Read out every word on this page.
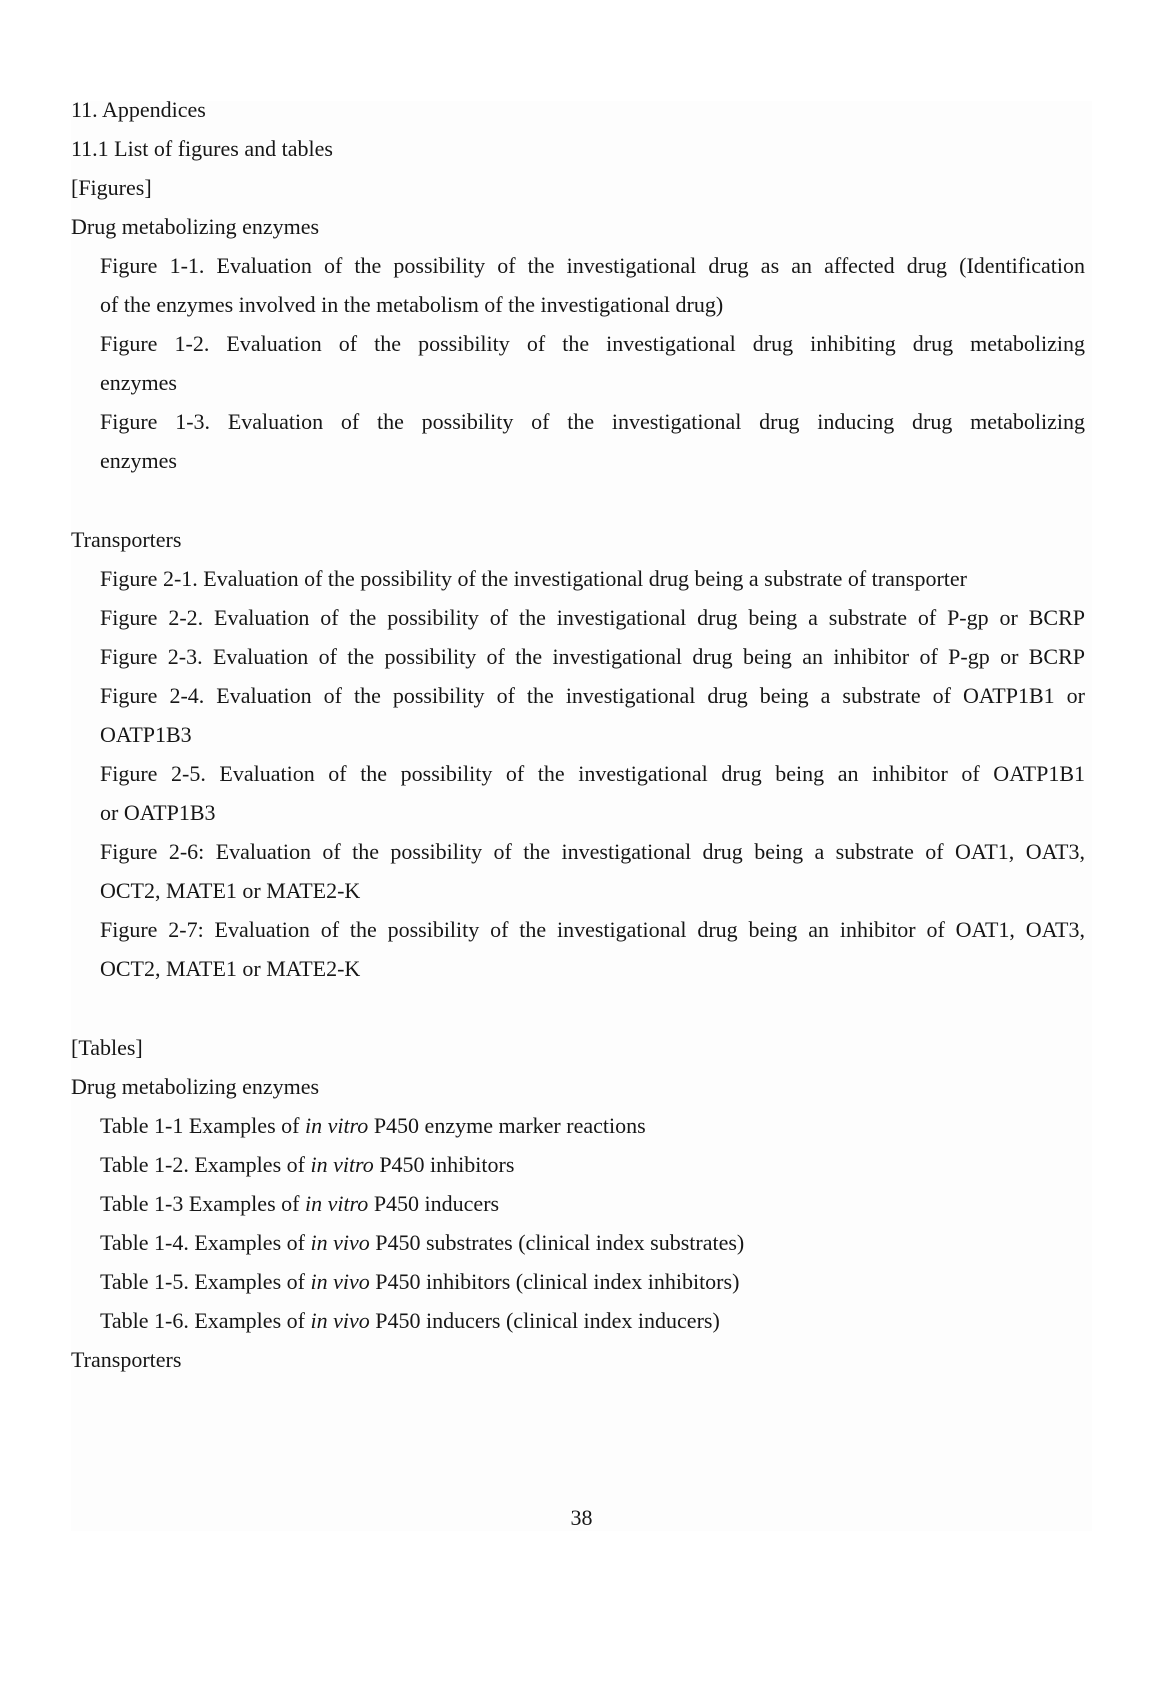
11. Appendices
11.1 List of figures and tables
[Figures]
Drug metabolizing enzymes
Figure 1-1. Evaluation of the possibility of the investigational drug as an affected drug (Identification
of the enzymes involved in the metabolism of the investigational drug)
Figure 1-2. Evaluation of the possibility of the investigational drug inhibiting drug metabolizing
enzymes
Figure 1-3. Evaluation of the possibility of the investigational drug inducing drug metabolizing
enzymes
Transporters
Figure 2-1. Evaluation of the possibility of the investigational drug being a substrate of transporter
Figure 2-2. Evaluation of the possibility of the investigational drug being a substrate of P-gp or BCRP
Figure 2-3. Evaluation of the possibility of the investigational drug being an inhibitor of P-gp or BCRP
Figure 2-4. Evaluation of the possibility of the investigational drug being a substrate of OATP1B1 or
OATP1B3
Figure 2-5. Evaluation of the possibility of the investigational drug being an inhibitor of OATP1B1
or OATP1B3
Figure 2-6: Evaluation of the possibility of the investigational drug being a substrate of OAT1, OAT3,
OCT2, MATE1 or MATE2-K
Figure 2-7: Evaluation of the possibility of the investigational drug being an inhibitor of OAT1, OAT3,
OCT2, MATE1 or MATE2-K
[Tables]
Drug metabolizing enzymes
Table 1-1 Examples of in vitro P450 enzyme marker reactions
Table 1-2. Examples of in vitro P450 inhibitors
Table 1-3 Examples of in vitro P450 inducers
Table 1-4. Examples of in vivo P450 substrates (clinical index substrates)
Table 1-5. Examples of in vivo P450 inhibitors (clinical index inhibitors)
Table 1-6. Examples of in vivo P450 inducers (clinical index inducers)
Transporters
38
